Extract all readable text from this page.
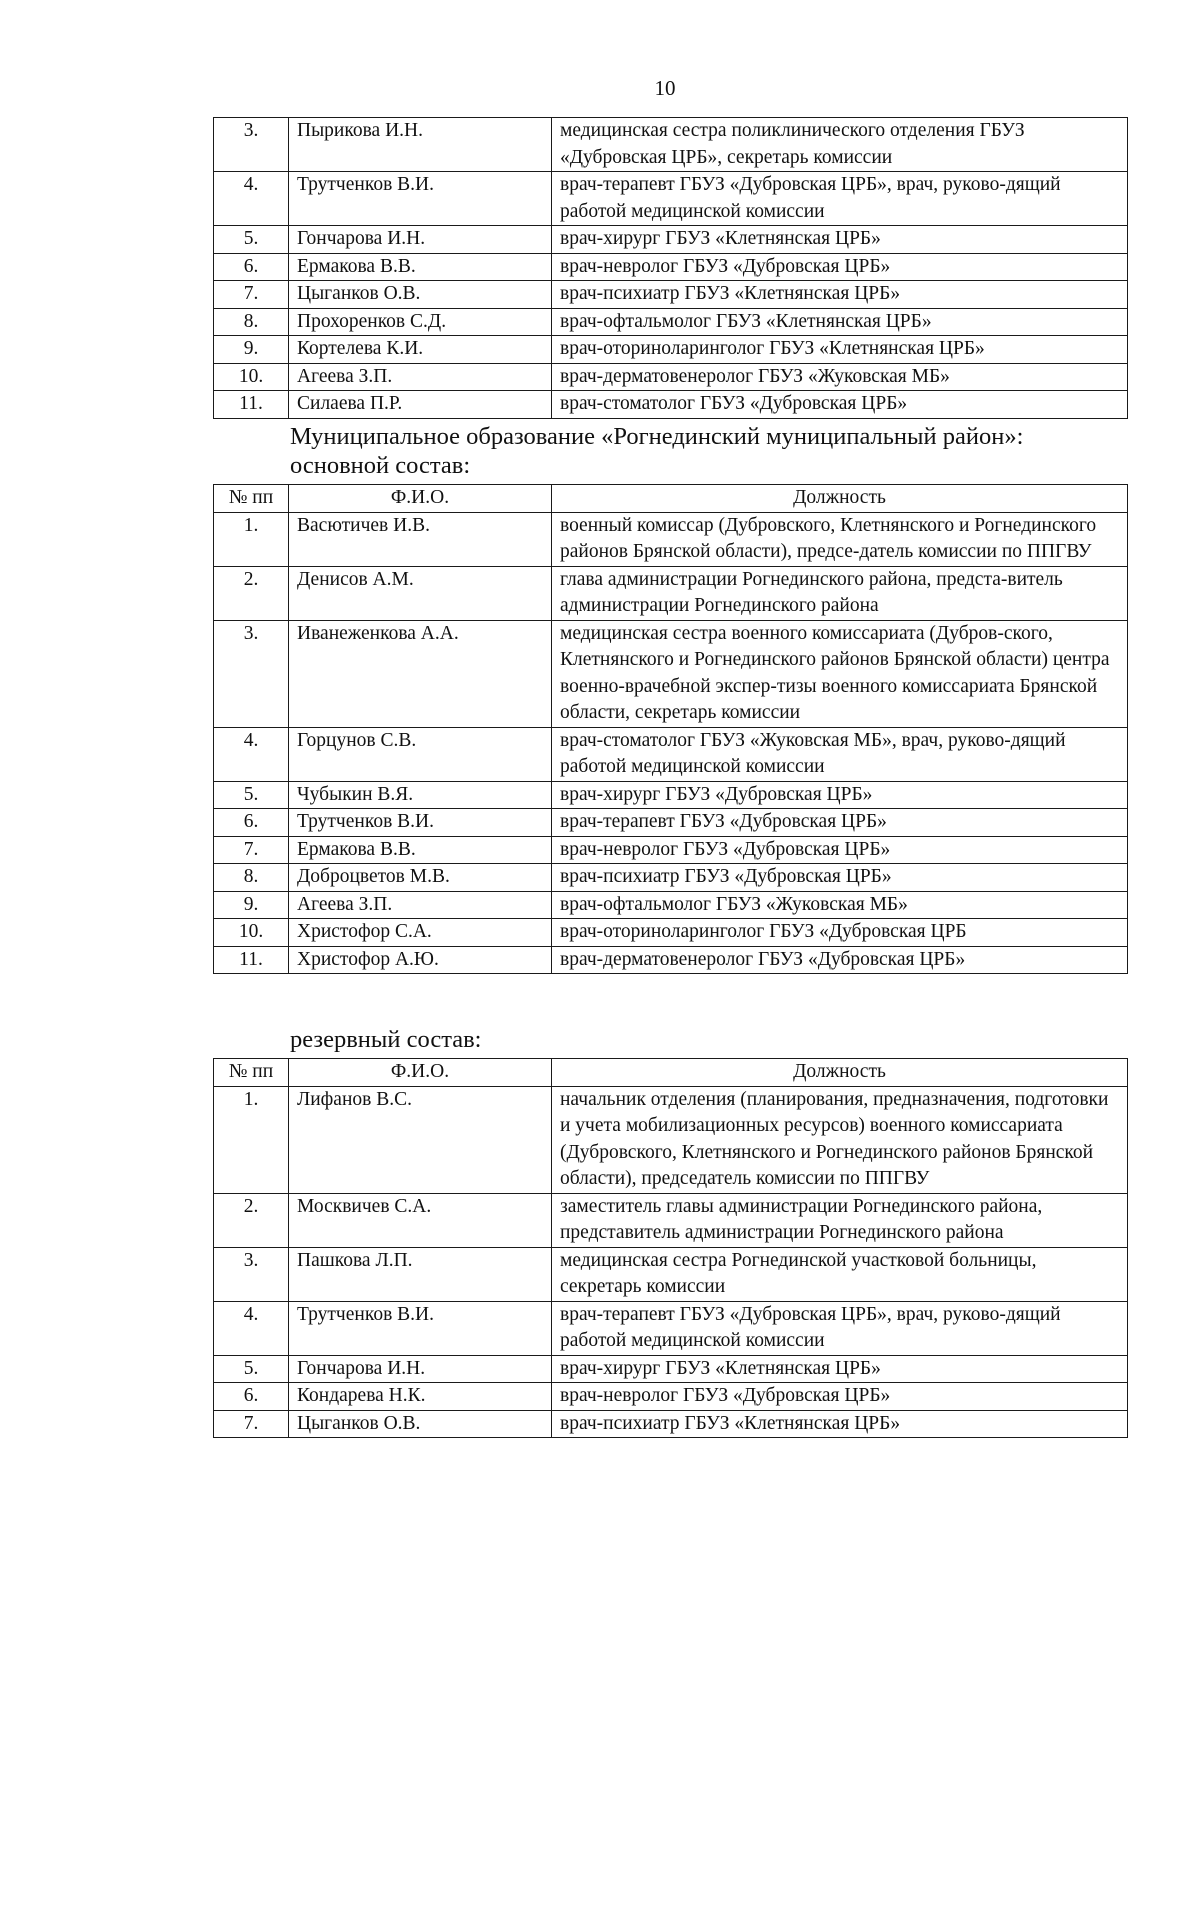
10
3.	Пырикова И.Н.	медицинская сестра поликлинического отделения ГБУЗ «Дубровская ЦРБ», секретарь комиссии
4.	Трутченков В.И.	врач-терапевт ГБУЗ «Дубровская ЦРБ», врач, руково-дящий работой медицинской комиссии
5.	Гончарова И.Н.	врач-хирург ГБУЗ «Клетнянская ЦРБ»
6.	Ермакова В.В.	врач-невролог ГБУЗ «Дубровская ЦРБ»
7.	Цыганков О.В.	врач-психиатр ГБУЗ «Клетнянская ЦРБ»
8.	Прохоренков С.Д.	врач-офтальмолог ГБУЗ «Клетнянская ЦРБ»
9.	Кортелева К.И.	врач-оториноларинголог ГБУЗ «Клетнянская ЦРБ»
10.	Агеева З.П.	врач-дерматовенеролог ГБУЗ «Жуковская МБ»
11.	Силаева П.Р.	врач-стоматолог ГБУЗ «Дубровская ЦРБ»
Муниципальное образование «Рогнединский муниципальный район»: основной состав:
№ пп	Ф.И.О.	Должность
1.	Васютичев И.В.	военный комиссар (Дубровского, Клетнянского и Рогнединского районов Брянской области), предсе-датель комиссии по ППГВУ
2.	Денисов А.М.	глава администрации Рогнединского района, предста-витель администрации Рогнединского района
3.	Иванеженкова А.А.	медицинская сестра военного комиссариата (Дубров-ского, Клетнянского и Рогнединского районов Брянской области) центра военно-врачебной экспер-тизы военного комиссариата Брянской области, секретарь комиссии
4.	Горцунов С.В.	врач-стоматолог ГБУЗ «Жуковская МБ», врач, руково-дящий работой медицинской комиссии
5.	Чубыкин В.Я.	врач-хирург ГБУЗ «Дубровская ЦРБ»
6.	Трутченков В.И.	врач-терапевт ГБУЗ «Дубровская ЦРБ»
7.	Ермакова В.В.	врач-невролог ГБУЗ «Дубровская ЦРБ»
8.	Доброцветов М.В.	врач-психиатр ГБУЗ «Дубровская ЦРБ»
9.	Агеева З.П.	врач-офтальмолог ГБУЗ «Жуковская МБ»
10.	Христофор С.А.	врач-оториноларинголог ГБУЗ «Дубровская ЦРБ
11.	Христофор А.Ю.	врач-дерматовенеролог ГБУЗ «Дубровская ЦРБ»
резервный состав:
№ пп	Ф.И.О.	Должность
1.	Лифанов В.С.	начальник отделения (планирования, предназначения, подготовки и учета мобилизационных ресурсов) военного комиссариата (Дубровского, Клетнянского и Рогнединского районов Брянской области), председатель комиссии по ППГВУ
2.	Москвичев С.А.	заместитель главы администрации Рогнединского района, представитель администрации Рогнединского района
3.	Пашкова Л.П.	медицинская сестра Рогнединской участковой больницы, секретарь комиссии
4.	Трутченков В.И.	врач-терапевт ГБУЗ «Дубровская ЦРБ», врач, руково-дящий работой медицинской комиссии
5.	Гончарова И.Н.	врач-хирург ГБУЗ «Клетнянская ЦРБ»
6.	Кондарева Н.К.	врач-невролог ГБУЗ «Дубровская ЦРБ»
7.	Цыганков О.В.	врач-психиатр ГБУЗ «Клетнянская ЦРБ»
